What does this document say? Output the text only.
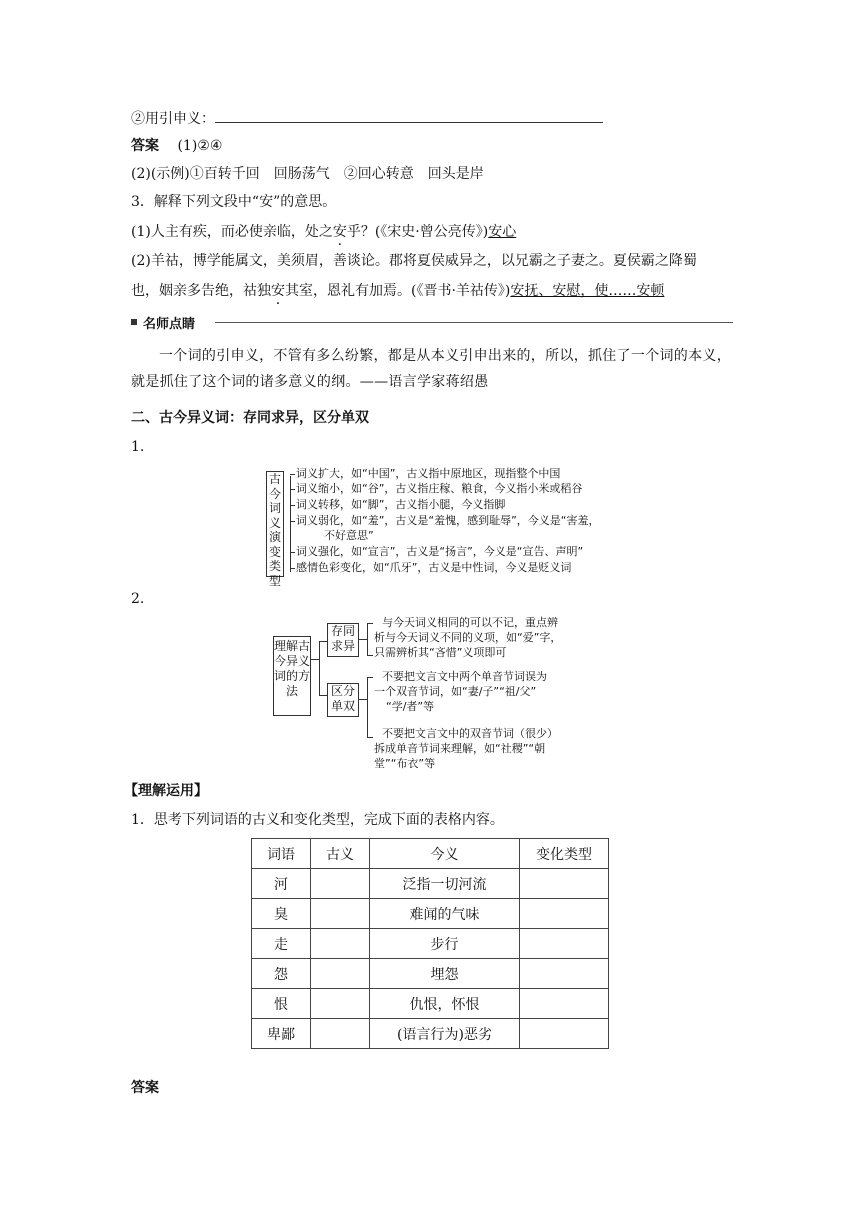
②用引申义：
答案 (1)②④
(2)(示例)①百转千回　回肠荡气　②回心转意　回头是岸
3．解释下列文段中“安”的意思。
(1)人主有疾，而必使亲临，处之安乎？(《宋史·曾公亮传》)安心
(2)羊祜，博学能属文，美须眉，善谈论。郡将夏侯威异之，以兄霸之子妻之。夏侯霸之降蜀
也，姻亲多告绝，祜独安其室，恩礼有加焉。(《晋书·羊祜传》)安抚、安慰，使……安顿
名师点睛
一个词的引申义，不管有多么纷繁，都是从本义引申出来的，所以，抓住了一个词的本义，就是抓住了这个词的诸多意义的纲。——语言学家蒋绍愚
二、古今异义词：存同求异，区分单双
1.
古今词义演变类型
词义扩大，如“中国”，古义指中原地区，现指整个中国
词义缩小，如“谷”，古义指庄稼、粮食，今义指小米或稻谷
词义转移，如“脚”，古义指小腿，今义指脚
词义弱化，如“羞”，古义是“羞愧，感到耻辱”，今义是“害羞，
不好意思”
词义强化，如“宣言”，古义是“扬言”，今义是“宣告、声明”
感情色彩变化，如“爪牙”，古义是中性词，今义是贬义词
2.
理解古今异义词的方法
存同求异
区分单双
与今天词义相同的可以不记，重点辨
析与今天词义不同的义项，如“爱”字，
只需辨析其“吝惜”义项即可
不要把文言文中两个单音节词误为
一个双音节词，如“妻/子”“祖/父”
“学/者”等
不要把文言文中的双音节词（很少）
拆成单音节词来理解，如“社稷”“朝
堂”“布衣”等
【理解运用】
1．思考下列词语的古义和变化类型，完成下面的表格内容。
词语	古义	今义	变化类型
河		泛指一切河流	
臭		难闻的气味	
走		步行	
怨		埋怨	
恨		仇恨，怀恨	
卑鄙		(语言行为)恶劣	
答案
